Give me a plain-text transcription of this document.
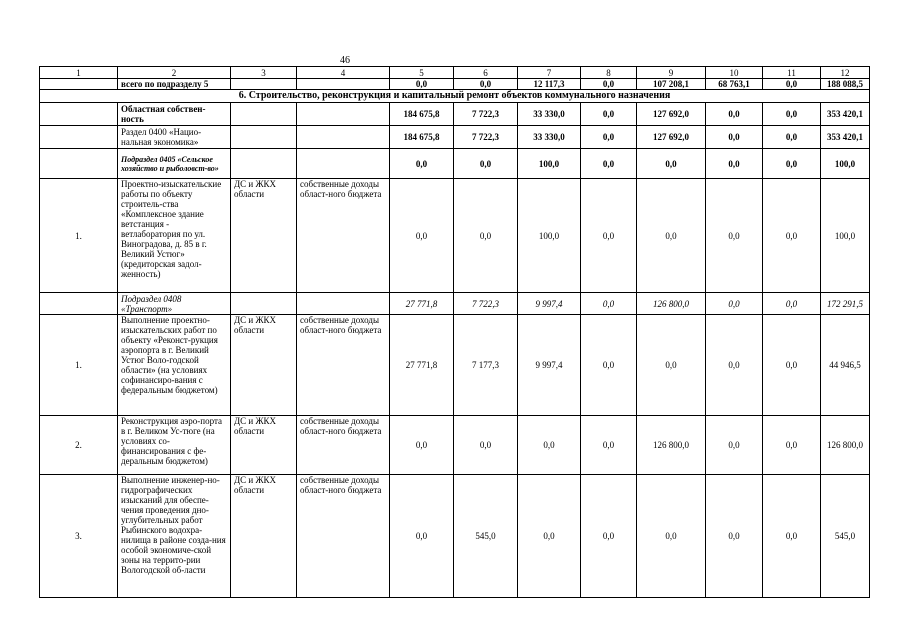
46
1	2	3	4	5	6	7	8	9	10	11	12
	всего по подразделу 5			0,0	0,0	12 117,3	0,0	107 208,1	68 763,1	0,0	188 088,5
6. Строительство, реконструкция и капитальный ремонт объектов коммунального назначения											
	Областная собствен-ность			184 675,8	7 722,3	33 330,0	0,0	127 692,0	0,0	0,0	353 420,1
	Раздел 0400 «Нацио-нальная экономика»			184 675,8	7 722,3	33 330,0	0,0	127 692,0	0,0	0,0	353 420,1
	Подраздел 0405 «Сельское хозяйство и рыболовст-во»			0,0	0,0	100,0	0,0	0,0	0,0	0,0	100,0
1.	Проектно-изыскательские работы по объекту строитель-ства «Комплексное здание ветстанция - ветлаборатория по ул. Виноградова, д. 85 в г. Великий Устюг» (кредиторская задол-женность)	ДС и ЖКХ области	собственные доходы област-ного бюджета	0,0	0,0	100,0	0,0	0,0	0,0	0,0	100,0
	Подраздел 0408 «Транспорт»			27 771,8	7 722,3	9 997,4	0,0	126 800,0	0,0	0,0	172 291,5
1.	Выполнение проектно-изыскательских работ по объекту «Реконст-рукция аэропорта в г. Великий Устюг Воло-годской области» (на условиях софинансиро-вания с федеральным бюджетом)	ДС и ЖКХ области	собственные доходы област-ного бюджета	27 771,8	7 177,3	9 997,4	0,0	0,0	0,0	0,0	44 946,5
2.	Реконструкция аэро-порта в г. Великом Ус-тюге (на условиях со-финансирования с фе-деральным бюджетом)	ДС и ЖКХ области	собственные доходы област-ного бюджета	0,0	0,0	0,0	0,0	126 800,0	0,0	0,0	126 800,0
3.	Выполнение инженер-но-гидрографических изысканий для обеспе-чения проведения дно-углубительных работ Рыбинского водохра-нилища в районе созда-ния особой экономиче-ской зоны на террито-рии Вологодской об-ласти	ДС и ЖКХ области	собственные доходы област-ного бюджета	0,0	545,0	0,0	0,0	0,0	0,0	0,0	545,0
